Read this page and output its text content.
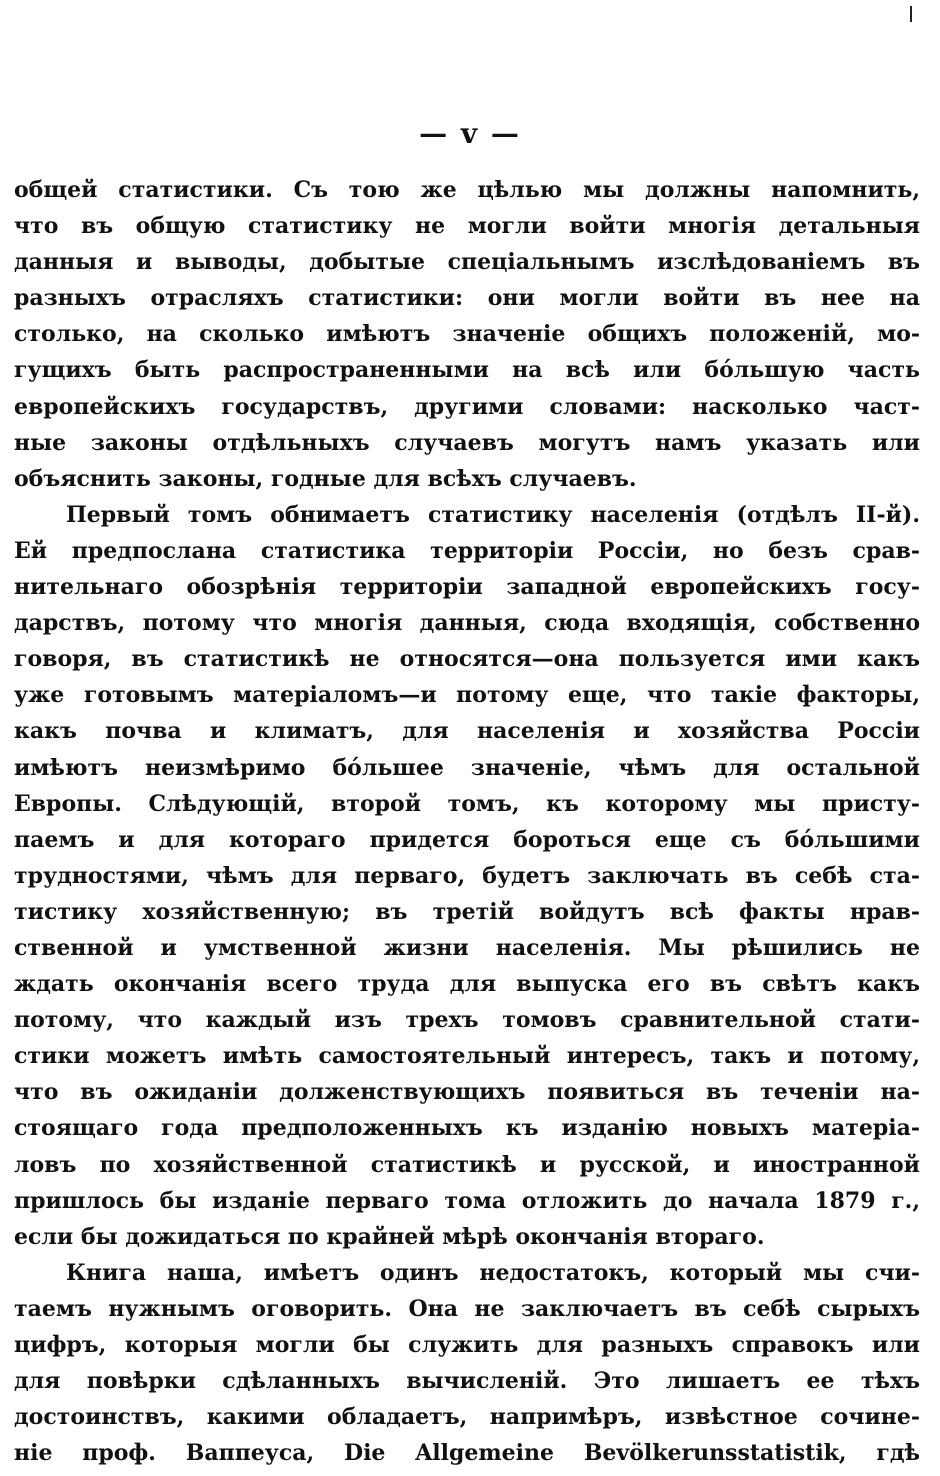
— v —
общей статистики. Съ тою же цѣлью мы должны напомнить,
что въ общую статистику не могли войти многія детальныя
данныя и выводы, добытые спеціальнымъ изслѣдованіемъ въ
разныхъ отрасляхъ статистики: они могли войти въ нее на
столько, на сколько имѣютъ значеніе общихъ положеній, мо-
гущихъ быть распространенными на всѣ или бо́льшую часть
европейскихъ государствъ, другими словами: насколько част-
ные законы отдѣльныхъ случаевъ могутъ намъ указать или
объяснить законы, годные для всѣхъ случаевъ.
Первый томъ обнимаетъ статистику населенія (отдѣлъ II-й).
Ей предпослана статистика территоріи Россіи, но безъ срав-
нительнаго обозрѣнія территоріи западной европейскихъ госу-
дарствъ, потому что многія данныя, сюда входящія, собственно
говоря, въ статистикѣ не относятся—она пользуется ими какъ
уже готовымъ матеріаломъ—и потому еще, что такіе факторы,
какъ почва и климатъ, для населенія и хозяйства Россіи
имѣютъ неизмѣримо бо́льшее значеніе, чѣмъ для остальной
Европы. Слѣдующій, второй томъ, къ которому мы присту-
паемъ и для котораго придется бороться еще съ бо́льшими
трудностями, чѣмъ для перваго, будетъ заключать въ себѣ ста-
тистику хозяйственную; въ третій войдутъ всѣ факты нрав-
ственной и умственной жизни населенія. Мы рѣшились не
ждать окончанія всего труда для выпуска его въ свѣтъ какъ
потому, что каждый изъ трехъ томовъ сравнительной стати-
стики можетъ имѣть самостоятельный интересъ, такъ и потому,
что въ ожиданіи долженствующихъ появиться въ теченіи на-
стоящаго года предположенныхъ къ изданію новыхъ матеріа-
ловъ по хозяйственной статистикѣ и русской, и иностранной
пришлось бы изданіе перваго тома отложить до начала 1879 г.,
если бы дожидаться по крайней мѣрѣ окончанія втораго.
Книга наша, имѣетъ одинъ недостатокъ, который мы счи-
таемъ нужнымъ оговорить. Она не заключаетъ въ себѣ сырыхъ
цифръ, которыя могли бы служить для разныхъ справокъ или
для повѣрки сдѣланныхъ вычисленій. Это лишаетъ ее тѣхъ
достоинствъ, какими обладаетъ, напримѣръ, извѣстное сочине-
ніе проф. Ваппеуса, Die Allgemeine Bevölkerunsstatistik, гдѣ
